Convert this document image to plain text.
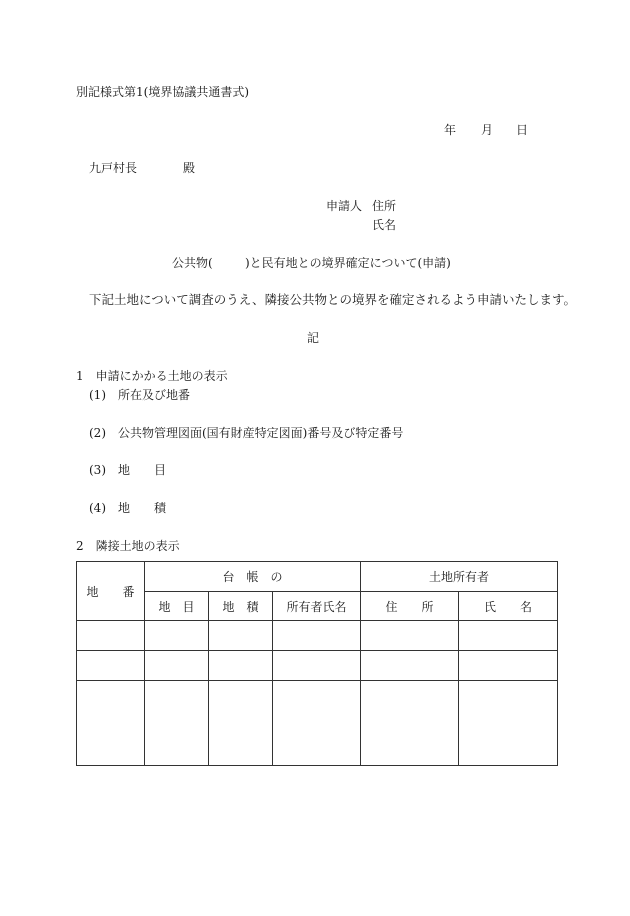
別記様式第1(境界協議共通書式)
年 月 日
九戸村長	殿
申請人 住所
氏名
公共物(	)と民有地との境界確定について(申請)
下記土地について調査のうえ、隣接公共物との境界を確定されるよう申請いたします。
記
1　申請にかかる土地の表示
(1)　所在及び地番
(2)　公共物管理図面(国有財産特定図面)番号及び特定番号
(3)　地　　目
(4)　地　　積
2　隣接土地の表示
地　　番	台　帳　の			土地所有者	
	地　目	地　積	所有者氏名	住　　所	氏　　名
